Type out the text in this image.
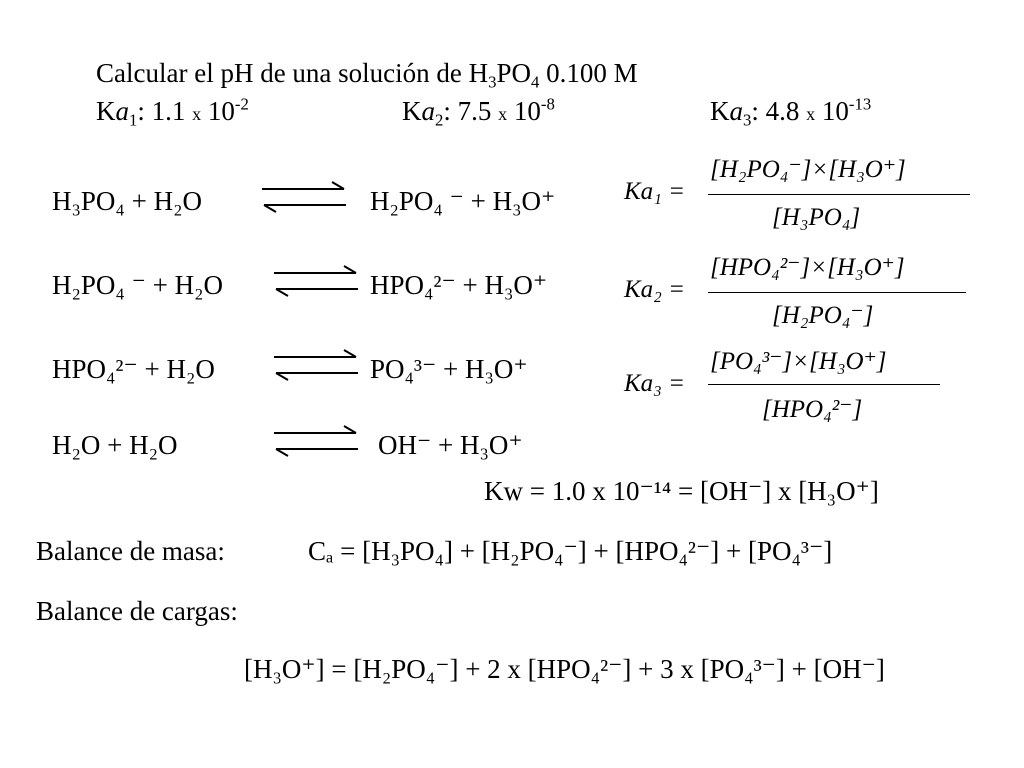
Calcular el pH de una solución de $H_3PO_4$ 0.100 M
$Ka_1$: 1.1 x $10^{-2}$	$Ka_2$: 7.5 x $10^{-8}$	$Ka_3$: 4.8 x $10^{-13}$
H₃PO₄ + H₂O	H₂PO₄ ⁻ + H₃O⁺
H₂PO₄ ⁻ + H₂O	HPO₄²⁻ + H₃O⁺
HPO₄²⁻ + H₂O	PO₄³⁻ + H₃O⁺
H₂O + H₂O	OH⁻ + H₃O⁺
Ka₁ =
[H₂PO₄⁻]×[H₃O⁺]
[H₃PO₄]
Ka₂ =
[HPO₄²⁻]×[H₃O⁺]
[H₂PO₄⁻]
Ka₃ =
[PO₄³⁻]×[H₃O⁺]
[HPO₄²⁻]
Kw = 1.0 x 10⁻¹⁴ = [OH⁻] x [H₃O⁺]
Balance de masa:	Cₐ = [H₃PO₄] + [H₂PO₄⁻] + [HPO₄²⁻] + [PO₄³⁻]
Balance de cargas:
[H₃O⁺] = [H₂PO₄⁻] + 2 x [HPO₄²⁻] + 3 x [PO₄³⁻] + [OH⁻]
